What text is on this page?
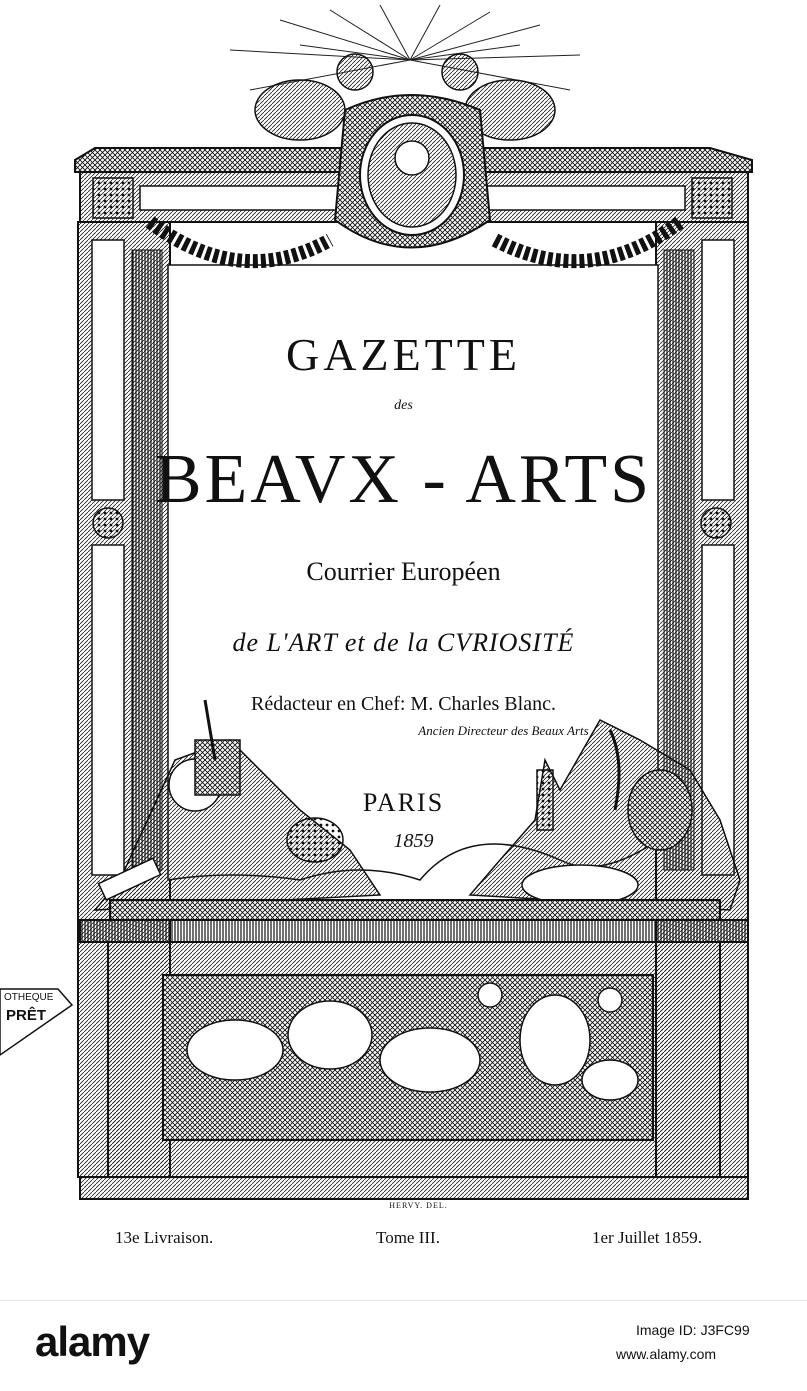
GAZETTE
des
BEAVX - ARTS
Courrier Européen
de L'ART et de la CVRIOSITÉ
Rédacteur en Chef: M. Charles Blanc.
Ancien Directeur des Beaux Arts
PARIS
1859
HERVY. DEL.
13e Livraison.	Tome III.	1er Juillet 1859.
OTHEQUE
PRÊT
alamy	Image ID: J3FC99
www.alamy.com
